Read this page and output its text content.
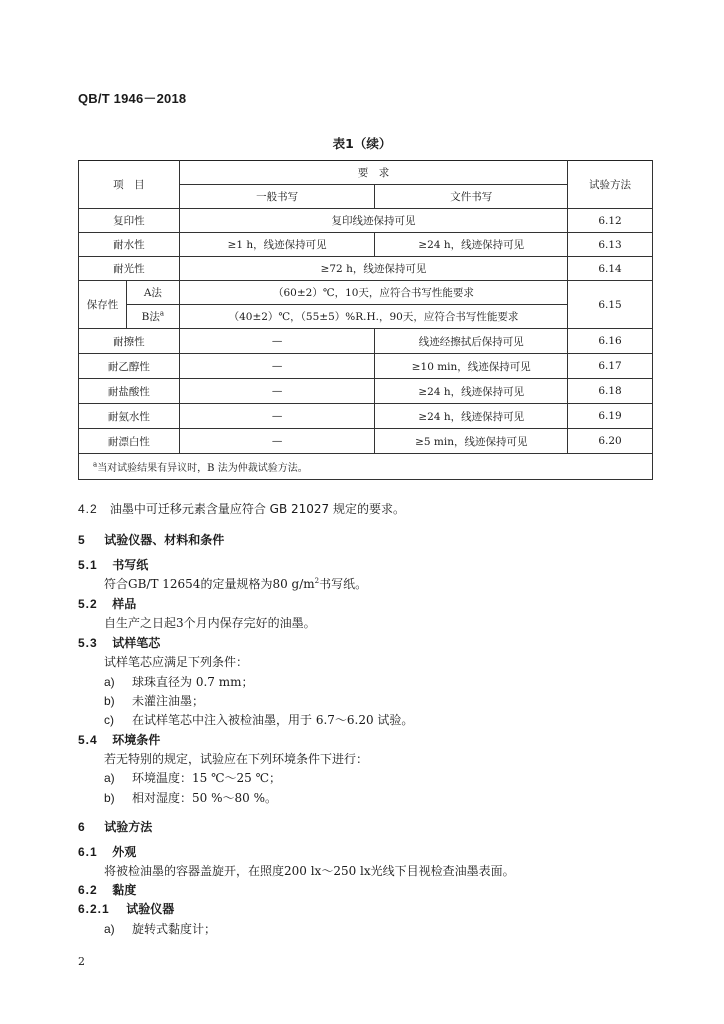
QB/T 1946－2018
表1（续）
项　目		要　求		试验方法
		一般书写	文件书写	
复印性		复印线迹保持可见		6.12
耐水性		≥1 h，线迹保持可见	≥24 h，线迹保持可见	6.13
耐光性		≥72 h，线迹保持可见		6.14
保存性	A法	（60±2）℃，10天，应符合书写性能要求		6.15
	B法$^a$	（40±2）℃，（55±5）%R.H.，90天，应符合书写性能要求		
耐擦性		—	线迹经擦拭后保持可见	6.16
耐乙醇性		—	≥10 min，线迹保持可见	6.17
耐盐酸性		—	≥24 h，线迹保持可见	6.18
耐氨水性		—	≥24 h，线迹保持可见	6.19
耐漂白性		—	≥5 min，线迹保持可见	6.20
$^a$当对试验结果有异议时，B 法为仲裁试验方法。				
4.2 油墨中可迁移元素含量应符合 GB 21027 规定的要求。
5 试验仪器、材料和条件
5.1 书写纸
符合GB/T 12654的定量规格为80 $g/m^2$书写纸。
5.2 样品
自生产之日起3个月内保存完好的油墨。
5.3 试样笔芯
试样笔芯应满足下列条件：
a) 球珠直径为 0.7 mm；
b) 未灌注油墨；
c) 在试样笔芯中注入被检油墨，用于 6.7～6.20 试验。
5.4 环境条件
若无特别的规定，试验应在下列环境条件下进行：
a) 环境温度：15 ℃～25 ℃；
b) 相对湿度：50 %～80 %。
6 试验方法
6.1 外观
将被检油墨的容器盖旋开，在照度200 lx～250 lx光线下目视检查油墨表面。
6.2 黏度
6.2.1 试验仪器
a) 旋转式黏度计；
2
